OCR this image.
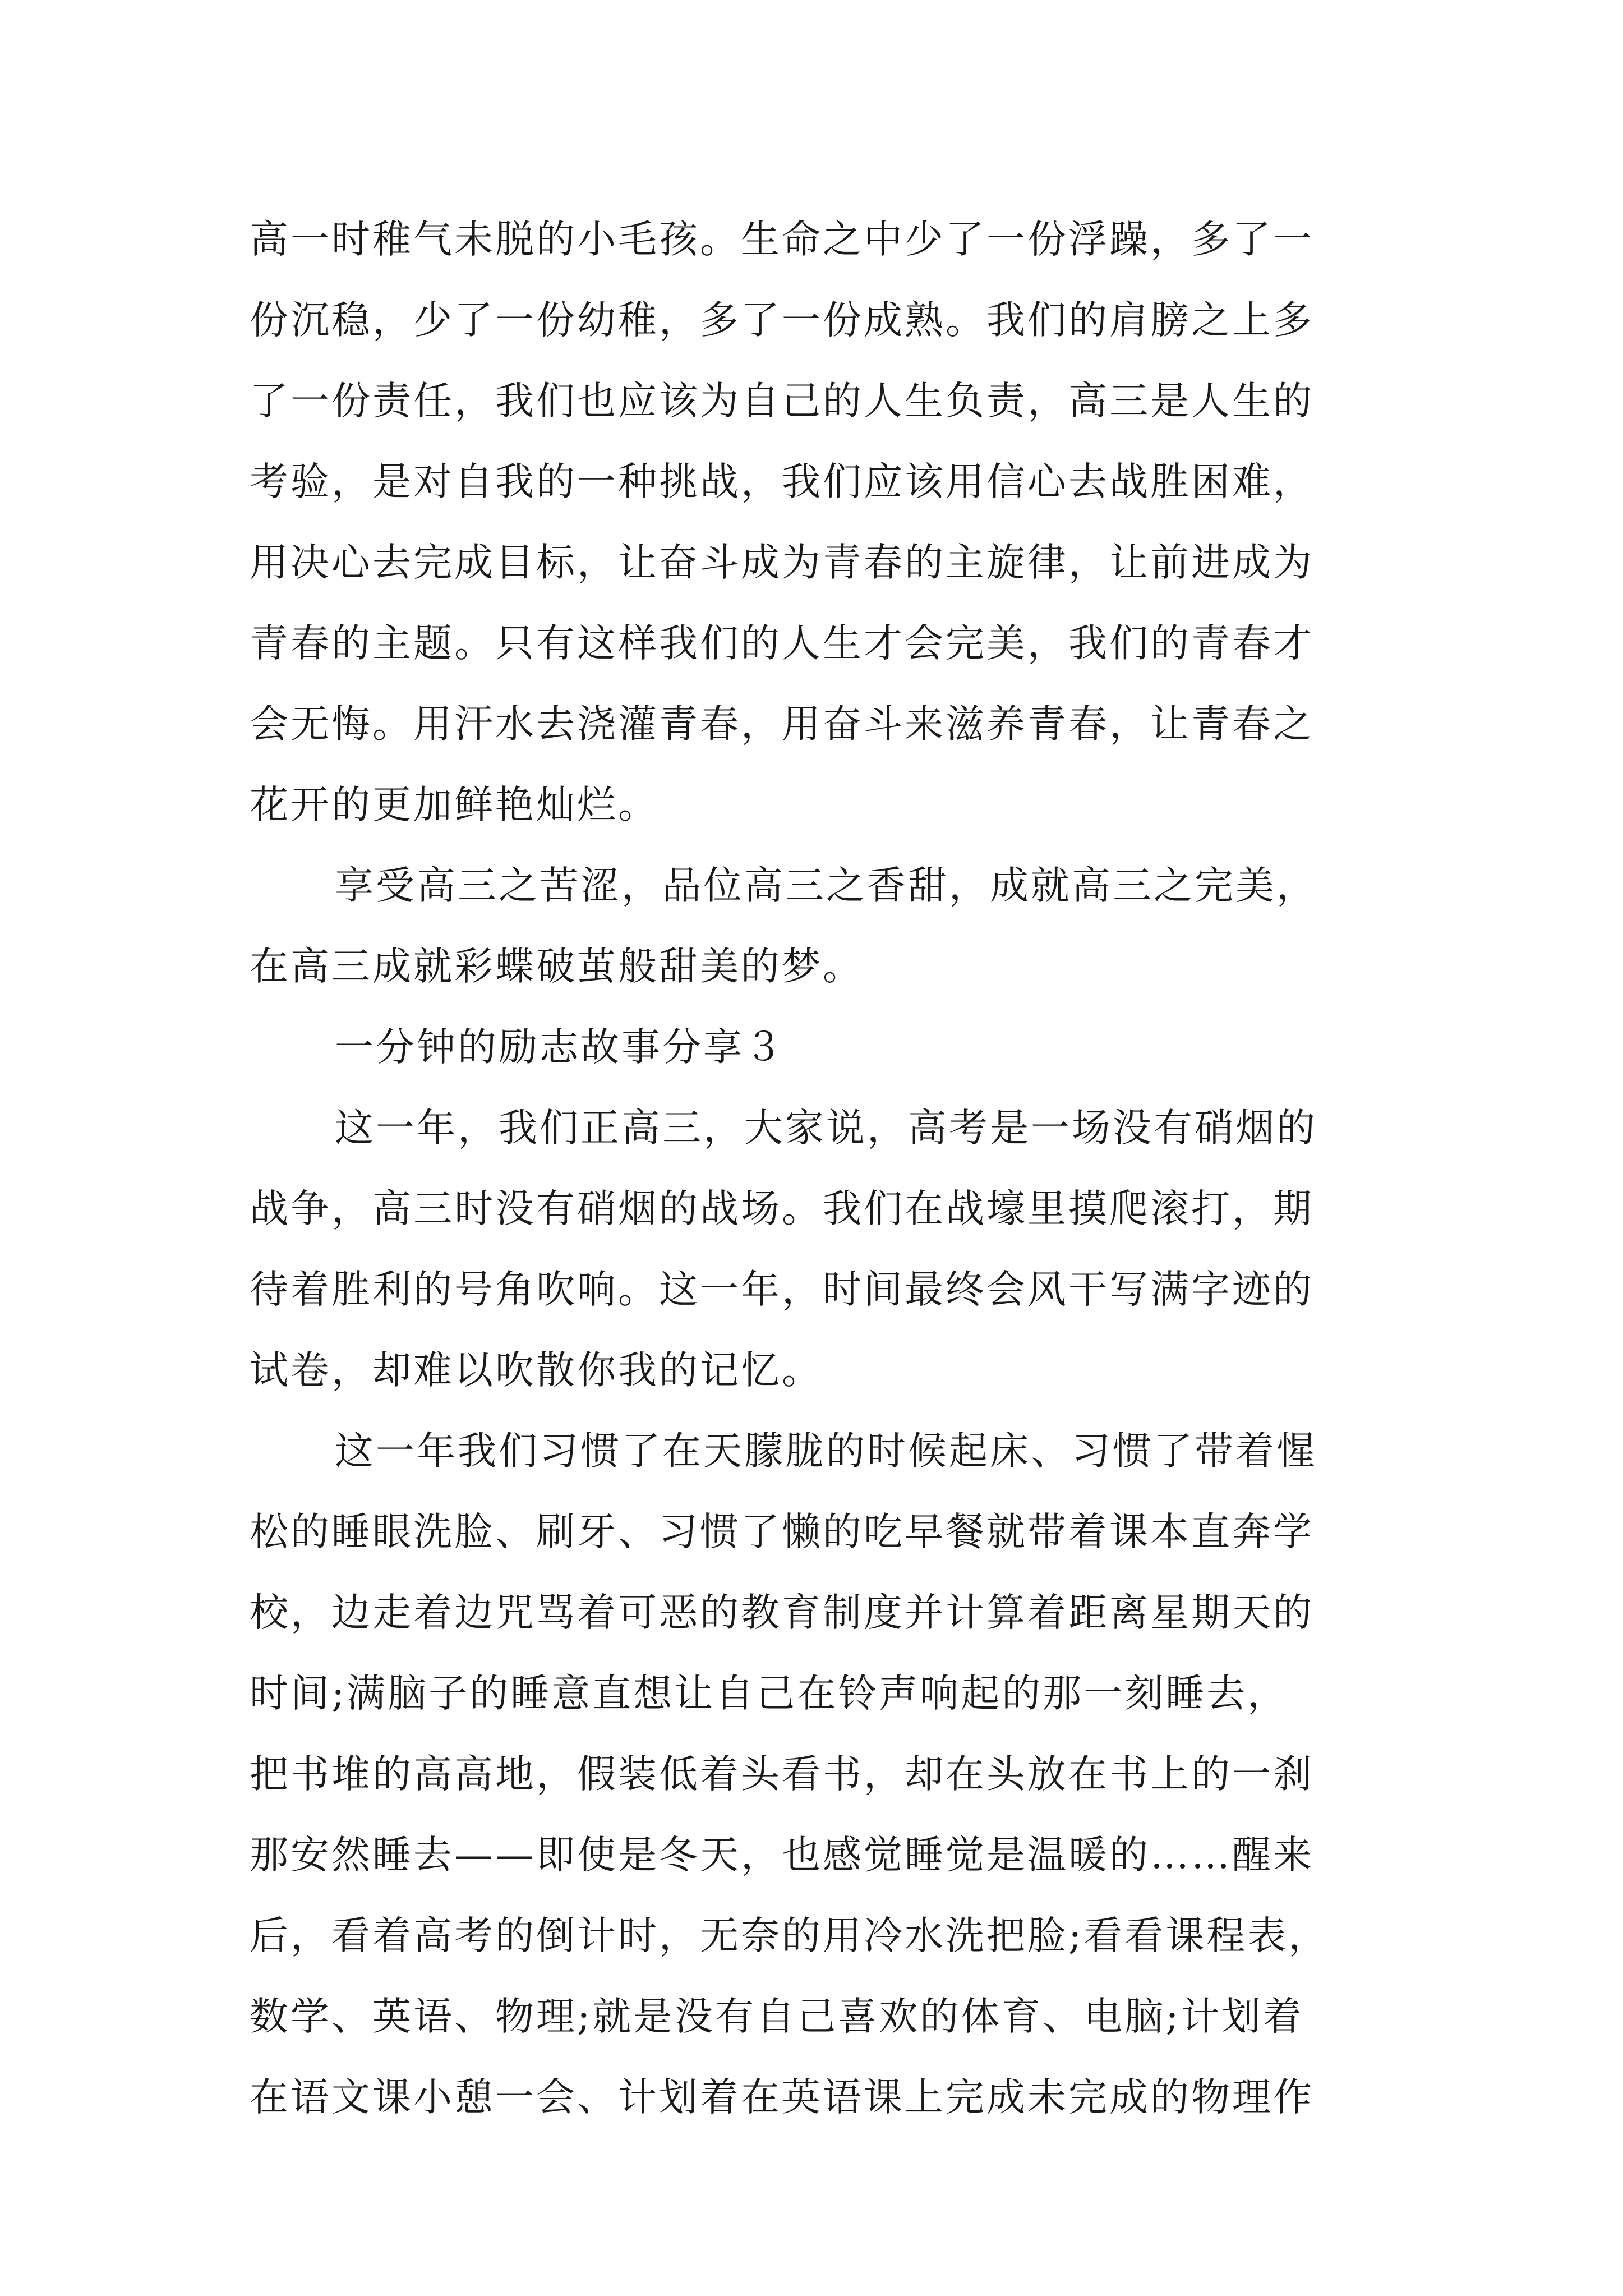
高一时稚气未脱的小毛孩。生命之中少了一份浮躁，多了一
份沉稳，少了一份幼稚，多了一份成熟。我们的肩膀之上多
了一份责任，我们也应该为自己的人生负责，高三是人生的
考验，是对自我的一种挑战，我们应该用信心去战胜困难，
用决心去完成目标，让奋斗成为青春的主旋律，让前进成为
青春的主题。只有这样我们的人生才会完美，我们的青春才
会无悔。用汗水去浇灌青春，用奋斗来滋养青春，让青春之
花开的更加鲜艳灿烂。
享受高三之苦涩，品位高三之香甜，成就高三之完美，
在高三成就彩蝶破茧般甜美的梦。
一分钟的励志故事分享３
这一年，我们正高三，大家说，高考是一场没有硝烟的
战争，高三时没有硝烟的战场。我们在战壕里摸爬滚打，期
待着胜利的号角吹响。这一年，时间最终会风干写满字迹的
试卷，却难以吹散你我的记忆。
这一年我们习惯了在天朦胧的时候起床、习惯了带着惺
松的睡眼洗脸、刷牙、习惯了懒的吃早餐就带着课本直奔学
校，边走着边咒骂着可恶的教育制度并计算着距离星期天的
时间;满脑子的睡意直想让自己在铃声响起的那一刻睡去，
把书堆的高高地，假装低着头看书，却在头放在书上的一刹
那安然睡去——即使是冬天，也感觉睡觉是温暖的……醒来
后，看着高考的倒计时，无奈的用冷水洗把脸;看看课程表，
数学、英语、物理;就是没有自己喜欢的体育、电脑;计划着
在语文课小憩一会、计划着在英语课上完成未完成的物理作
